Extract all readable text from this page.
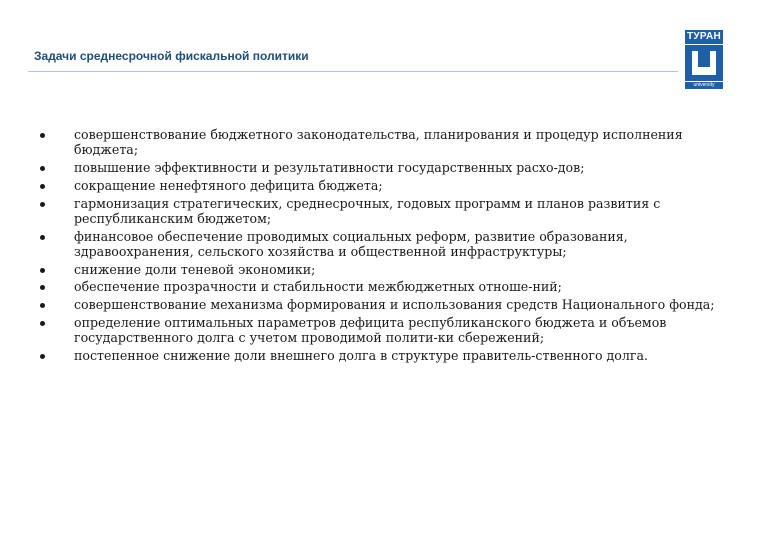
Задачи среднесрочной фискальной политики
ТУРАН
university
совершенствование бюджетного законодательства, планирования и процедур исполнения бюджета;
повышение эффективности и результативности государственных расхо-дов;
сокращение ненефтяного дефицита бюджета;
гармонизация стратегических, среднесрочных, годовых программ и планов развития с республиканским бюджетом;
финансовое обеспечение проводимых социальных реформ, развитие образования, здравоохранения, сельского хозяйства и общественной инфраструктуры;
снижение доли теневой экономики;
обеспечение прозрачности и стабильности межбюджетных отноше-ний;
совершенствование механизма формирования и использования средств Национального фонда;
определение оптимальных параметров дефицита республиканского бюджета и объемов государственного долга с учетом проводимой полити-ки сбережений;
постепенное снижение доли внешнего долга в структуре правитель-ственного долга.
